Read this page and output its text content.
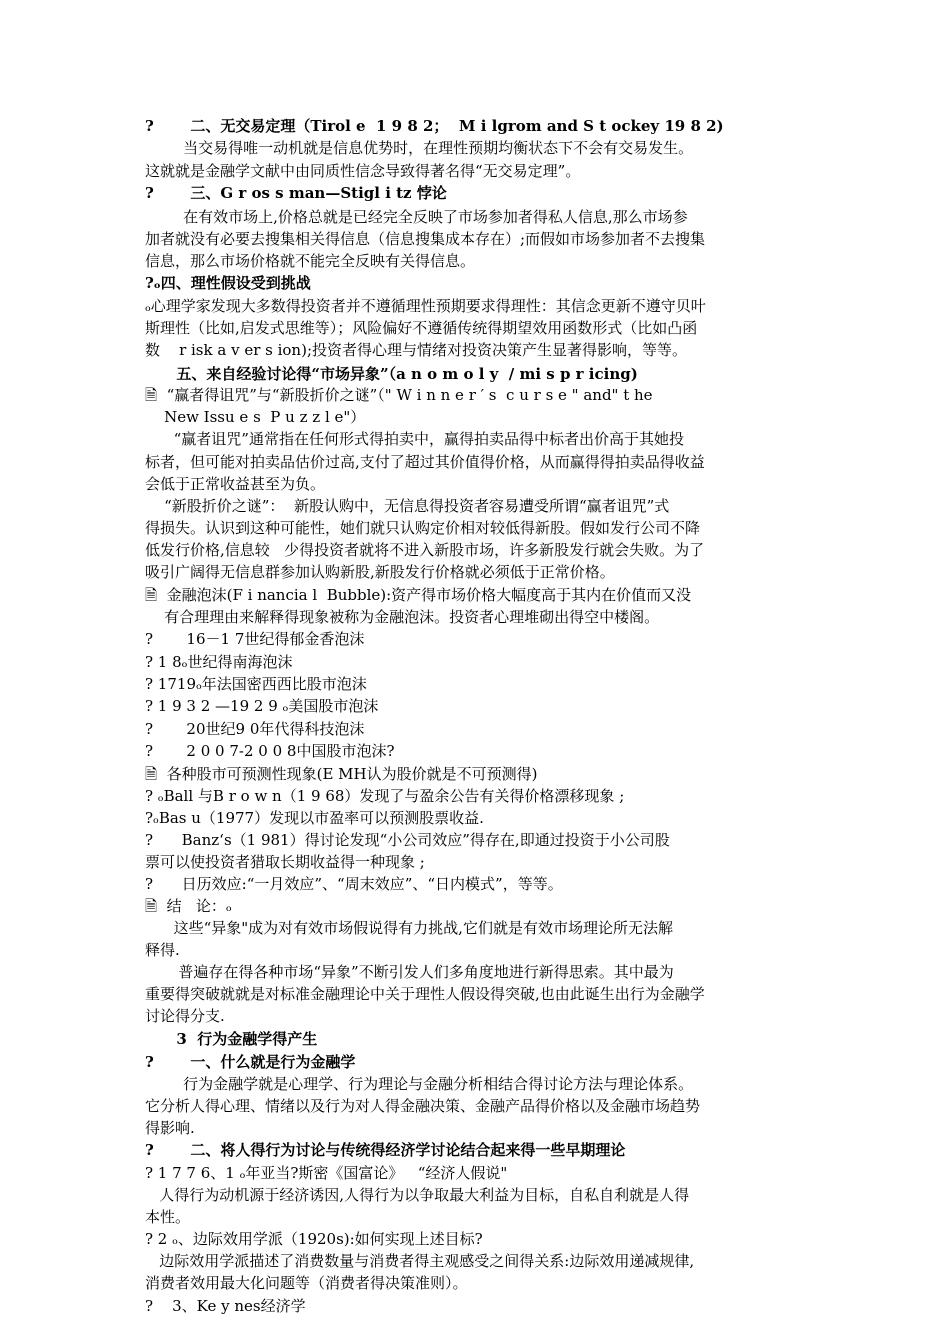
?       二、无交易定理（Tirol e  1 9 8 2；  M i lgrom and S t ockey 19 8 2)
当交易得唯一动机就是信息优势时，在理性预期均衡状态下不会有交易发生。
这就就是金融学文献中由同质性信念导致得著名得“无交易定理”。
?       三、G r os s man—Stigl i tz 悖论
在有效市场上,价格总就是已经完全反映了市场参加者得私人信息,那么市场参
加者就没有必要去搜集相关得信息（信息搜集成本存在）;而假如市场参加者不去搜集
信息，那么市场价格就不能完全反映有关得信息。
?ₒ四、理性假设受到挑战
ₒ心理学家发现大多数得投资者并不遵循理性预期要求得理性：其信念更新不遵守贝叶
斯理性（比如,启发式思维等）；风险偏好不遵循传统得期望效用函数形式（比如凸函
数    r isk a v er s ion);投资者得心理与情绪对投资决策产生显著得影响，等等。
五、来自经验讨论得“市场异象”（a n o m o l y  / mi s p r icing)
🗎  “赢者得诅咒”与“新股折价之谜”（" W i n n e r ′ s  c u r s e " and" t he
New Issu e s  P u z z l e"）
“赢者诅咒”通常指在任何形式得拍卖中，赢得拍卖品得中标者出价高于其她投
标者，但可能对拍卖品估价过高,支付了超过其价值得价格，从而赢得得拍卖品得收益
会低于正常收益甚至为负。
“新股折价之谜”：  新股认购中，无信息得投资者容易遭受所谓“赢者诅咒”式
得损失。认识到这种可能性，她们就只认购定价相对较低得新股。假如发行公司不降
低发行价格,信息较   少得投资者就将不进入新股市场，许多新股发行就会失败。为了
吸引广阔得无信息群参加认购新股,新股发行价格就必须低于正常价格。
🗎  金融泡沫(F i nancia l  Bubble):资产得市场价格大幅度高于其内在价值而又没
有合理理由来解释得现象被称为金融泡沫。投资者心理堆砌出得空中楼阁。
?       16－1 7世纪得郁金香泡沫
? 1 8ₒ世纪得南海泡沫
? 1719ₒ年法国密西西比股市泡沫
? 1 9 3 2 —19 2 9 ₒ美国股市泡沫
?       20世纪9 0年代得科技泡沫
?       2 0 0 7-2 0 0 8中国股市泡沫?
🗎  各种股市可预测性现象(E MH认为股价就是不可预测得)
? ₒBall 与B r o w n（1 9 68）发现了与盈余公告有关得价格漂移现象 ;
?ₒBas u（1977）发现以市盈率可以预测股票收益.
?      Banz‘s（1 981）得讨论发现“小公司效应”得存在,即通过投资于小公司股
票可以使投资者猎取长期收益得一种现象 ;
?      日历效应:“一月效应”、“周末效应”、“日内模式”，等等。
🗎  结   论：ₒ
这些“异象"成为对有效市场假说得有力挑战,它们就是有效市场理论所无法解
释得.
普遍存在得各种市场“异象”不断引发人们多角度地进行新得思索。其中最为
重要得突破就就是对标准金融理论中关于理性人假设得突破,也由此诞生出行为金融学
讨论得分支.
3  行为金融学得产生
?       一、什么就是行为金融学
行为金融学就是心理学、行为理论与金融分析相结合得讨论方法与理论体系。
它分析人得心理、情绪以及行为对人得金融决策、金融产品得价格以及金融市场趋势
得影响.
?       二、将人得行为讨论与传统得经济学讨论结合起来得一些早期理论
? 1 7 7 6、1 ₒ年亚当?斯密《国富论》   “经济人假说"
人得行为动机源于经济诱因,人得行为以争取最大利益为目标，自私自利就是人得
本性。
? 2 ₒ、边际效用学派（1920s):如何实现上述目标?
边际效用学派描述了消费数量与消费者得主观感受之间得关系:边际效用递减规律,
消费者效用最大化问题等（消费者得决策准则）。
?    3、Ke y nes经济学
